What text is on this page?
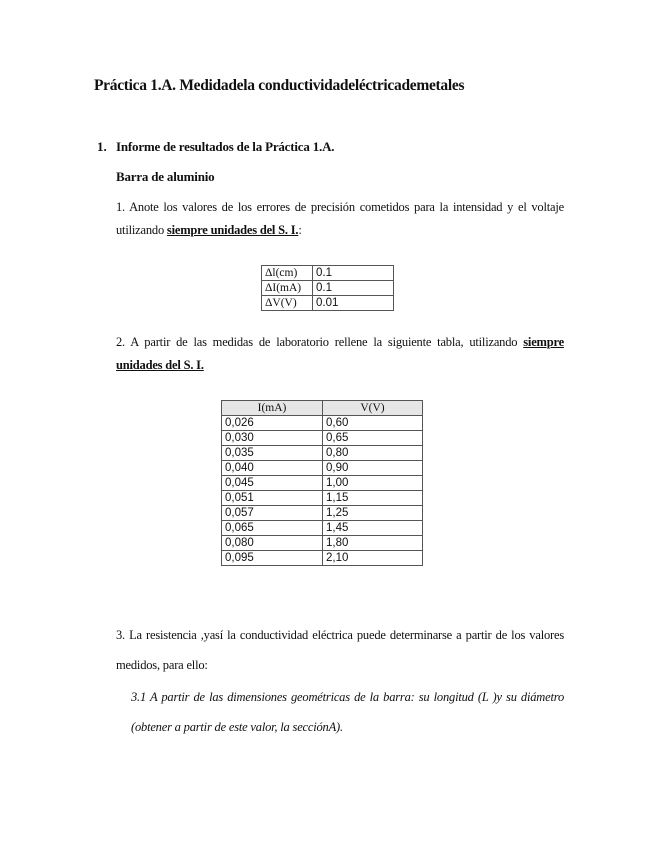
Práctica 1.A. Medidadela conductividadeléctricademetales
1. Informe de resultados de la Práctica 1.A.
Barra de aluminio
1. Anote los valores de los errores de precisión cometidos para la intensidad y el voltaje utilizando siempre unidades del S. I.:
Δl(cm)	0.1
ΔI(mA)	0.1
ΔV(V)	0.01
2. A partir de las medidas de laboratorio rellene la siguiente tabla, utilizando siempre unidades del S. I.
I(mA)	V(V)
0,026	0,60
0,030	0,65
0,035	0,80
0,040	0,90
0,045	1,00
0,051	1,15
0,057	1,25
0,065	1,45
0,080	1,80
0,095	2,10
3. La resistencia ,yasí la conductividad eléctrica puede determinarse a partir de los valores medidos, para ello:
3.1 A partir de las dimensiones geométricas de la barra: su longitud (L )y su diámetro (obtener a partir de este valor, la secciónA).
